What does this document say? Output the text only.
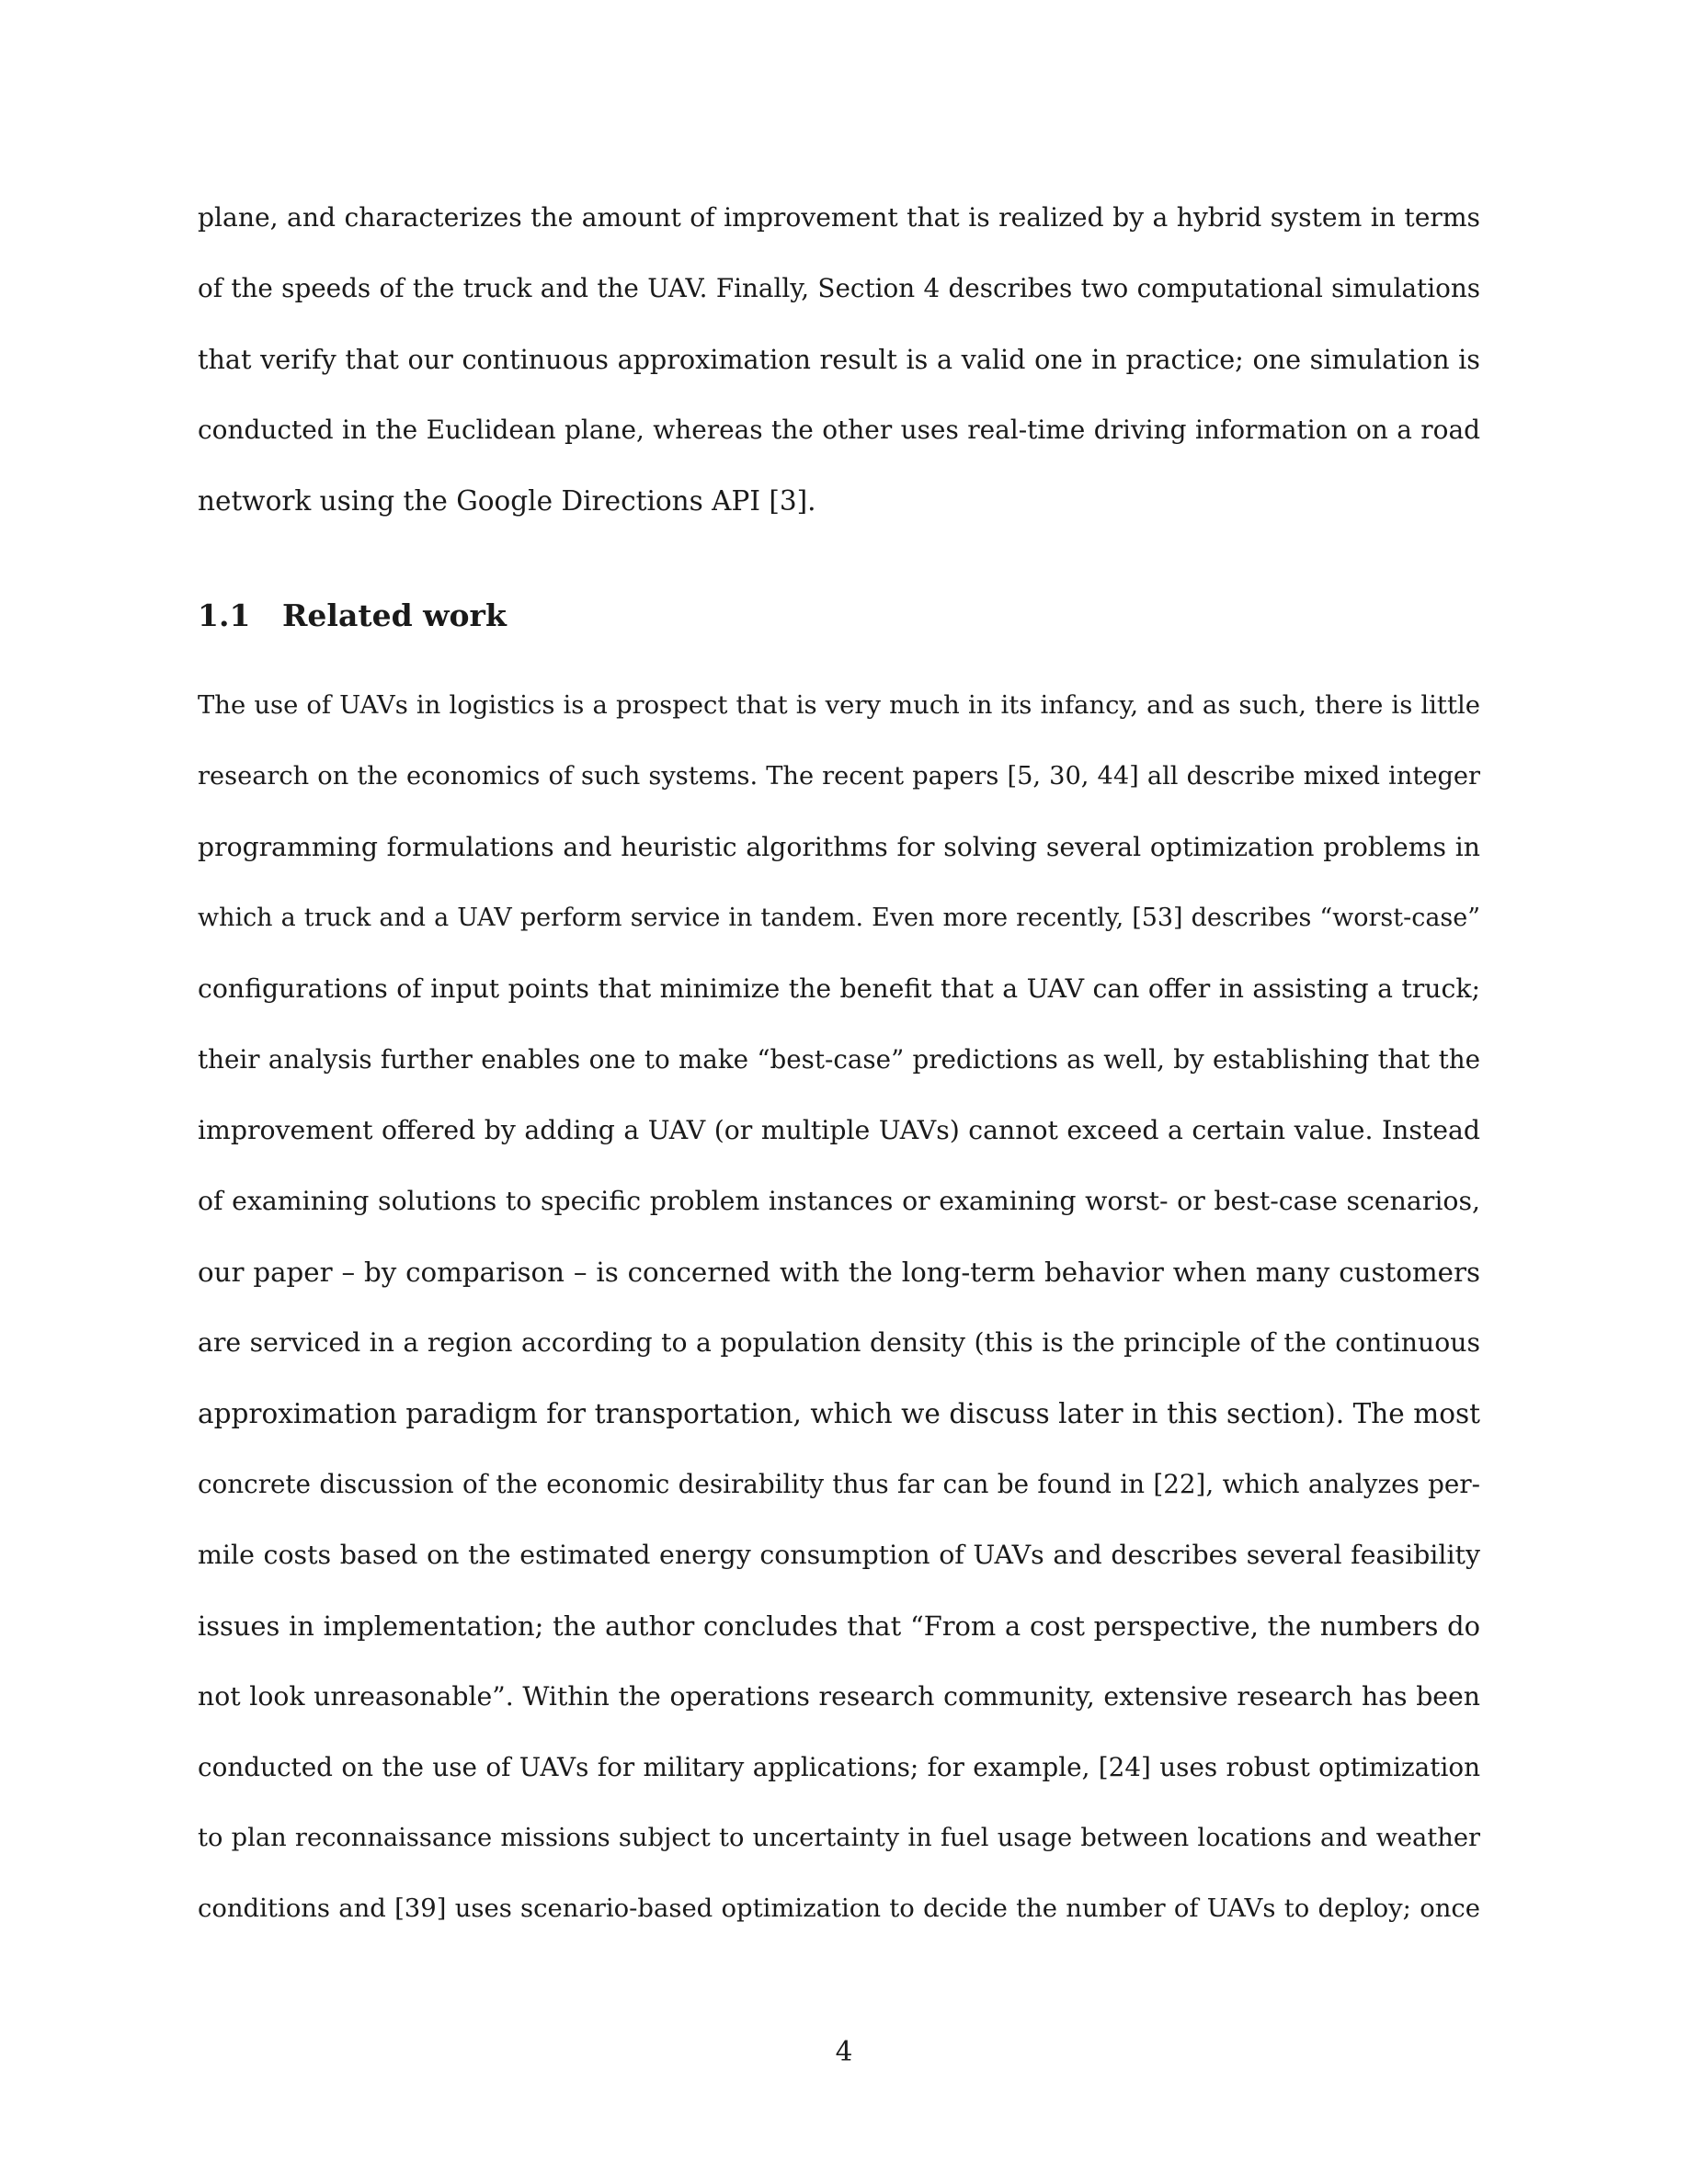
plane, and characterizes the amount of improvement that is realized by a hybrid system in terms
of the speeds of the truck and the UAV. Finally, Section 4 describes two computational simulations
that verify that our continuous approximation result is a valid one in practice; one simulation is
conducted in the Euclidean plane, whereas the other uses real-time driving information on a road
network using the Google Directions API [3].
1.1 Related work
The use of UAVs in logistics is a prospect that is very much in its infancy, and as such, there is little
research on the economics of such systems. The recent papers [5, 30, 44] all describe mixed integer
programming formulations and heuristic algorithms for solving several optimization problems in
which a truck and a UAV perform service in tandem. Even more recently, [53] describes “worst-case”
configurations of input points that minimize the benefit that a UAV can offer in assisting a truck;
their analysis further enables one to make “best-case” predictions as well, by establishing that the
improvement offered by adding a UAV (or multiple UAVs) cannot exceed a certain value. Instead
of examining solutions to specific problem instances or examining worst- or best-case scenarios,
our paper – by comparison – is concerned with the long-term behavior when many customers
are serviced in a region according to a population density (this is the principle of the continuous
approximation paradigm for transportation, which we discuss later in this section). The most
concrete discussion of the economic desirability thus far can be found in [22], which analyzes per-
mile costs based on the estimated energy consumption of UAVs and describes several feasibility
issues in implementation; the author concludes that “From a cost perspective, the numbers do
not look unreasonable”. Within the operations research community, extensive research has been
conducted on the use of UAVs for military applications; for example, [24] uses robust optimization
to plan reconnaissance missions subject to uncertainty in fuel usage between locations and weather
conditions and [39] uses scenario-based optimization to decide the number of UAVs to deploy; once
4
